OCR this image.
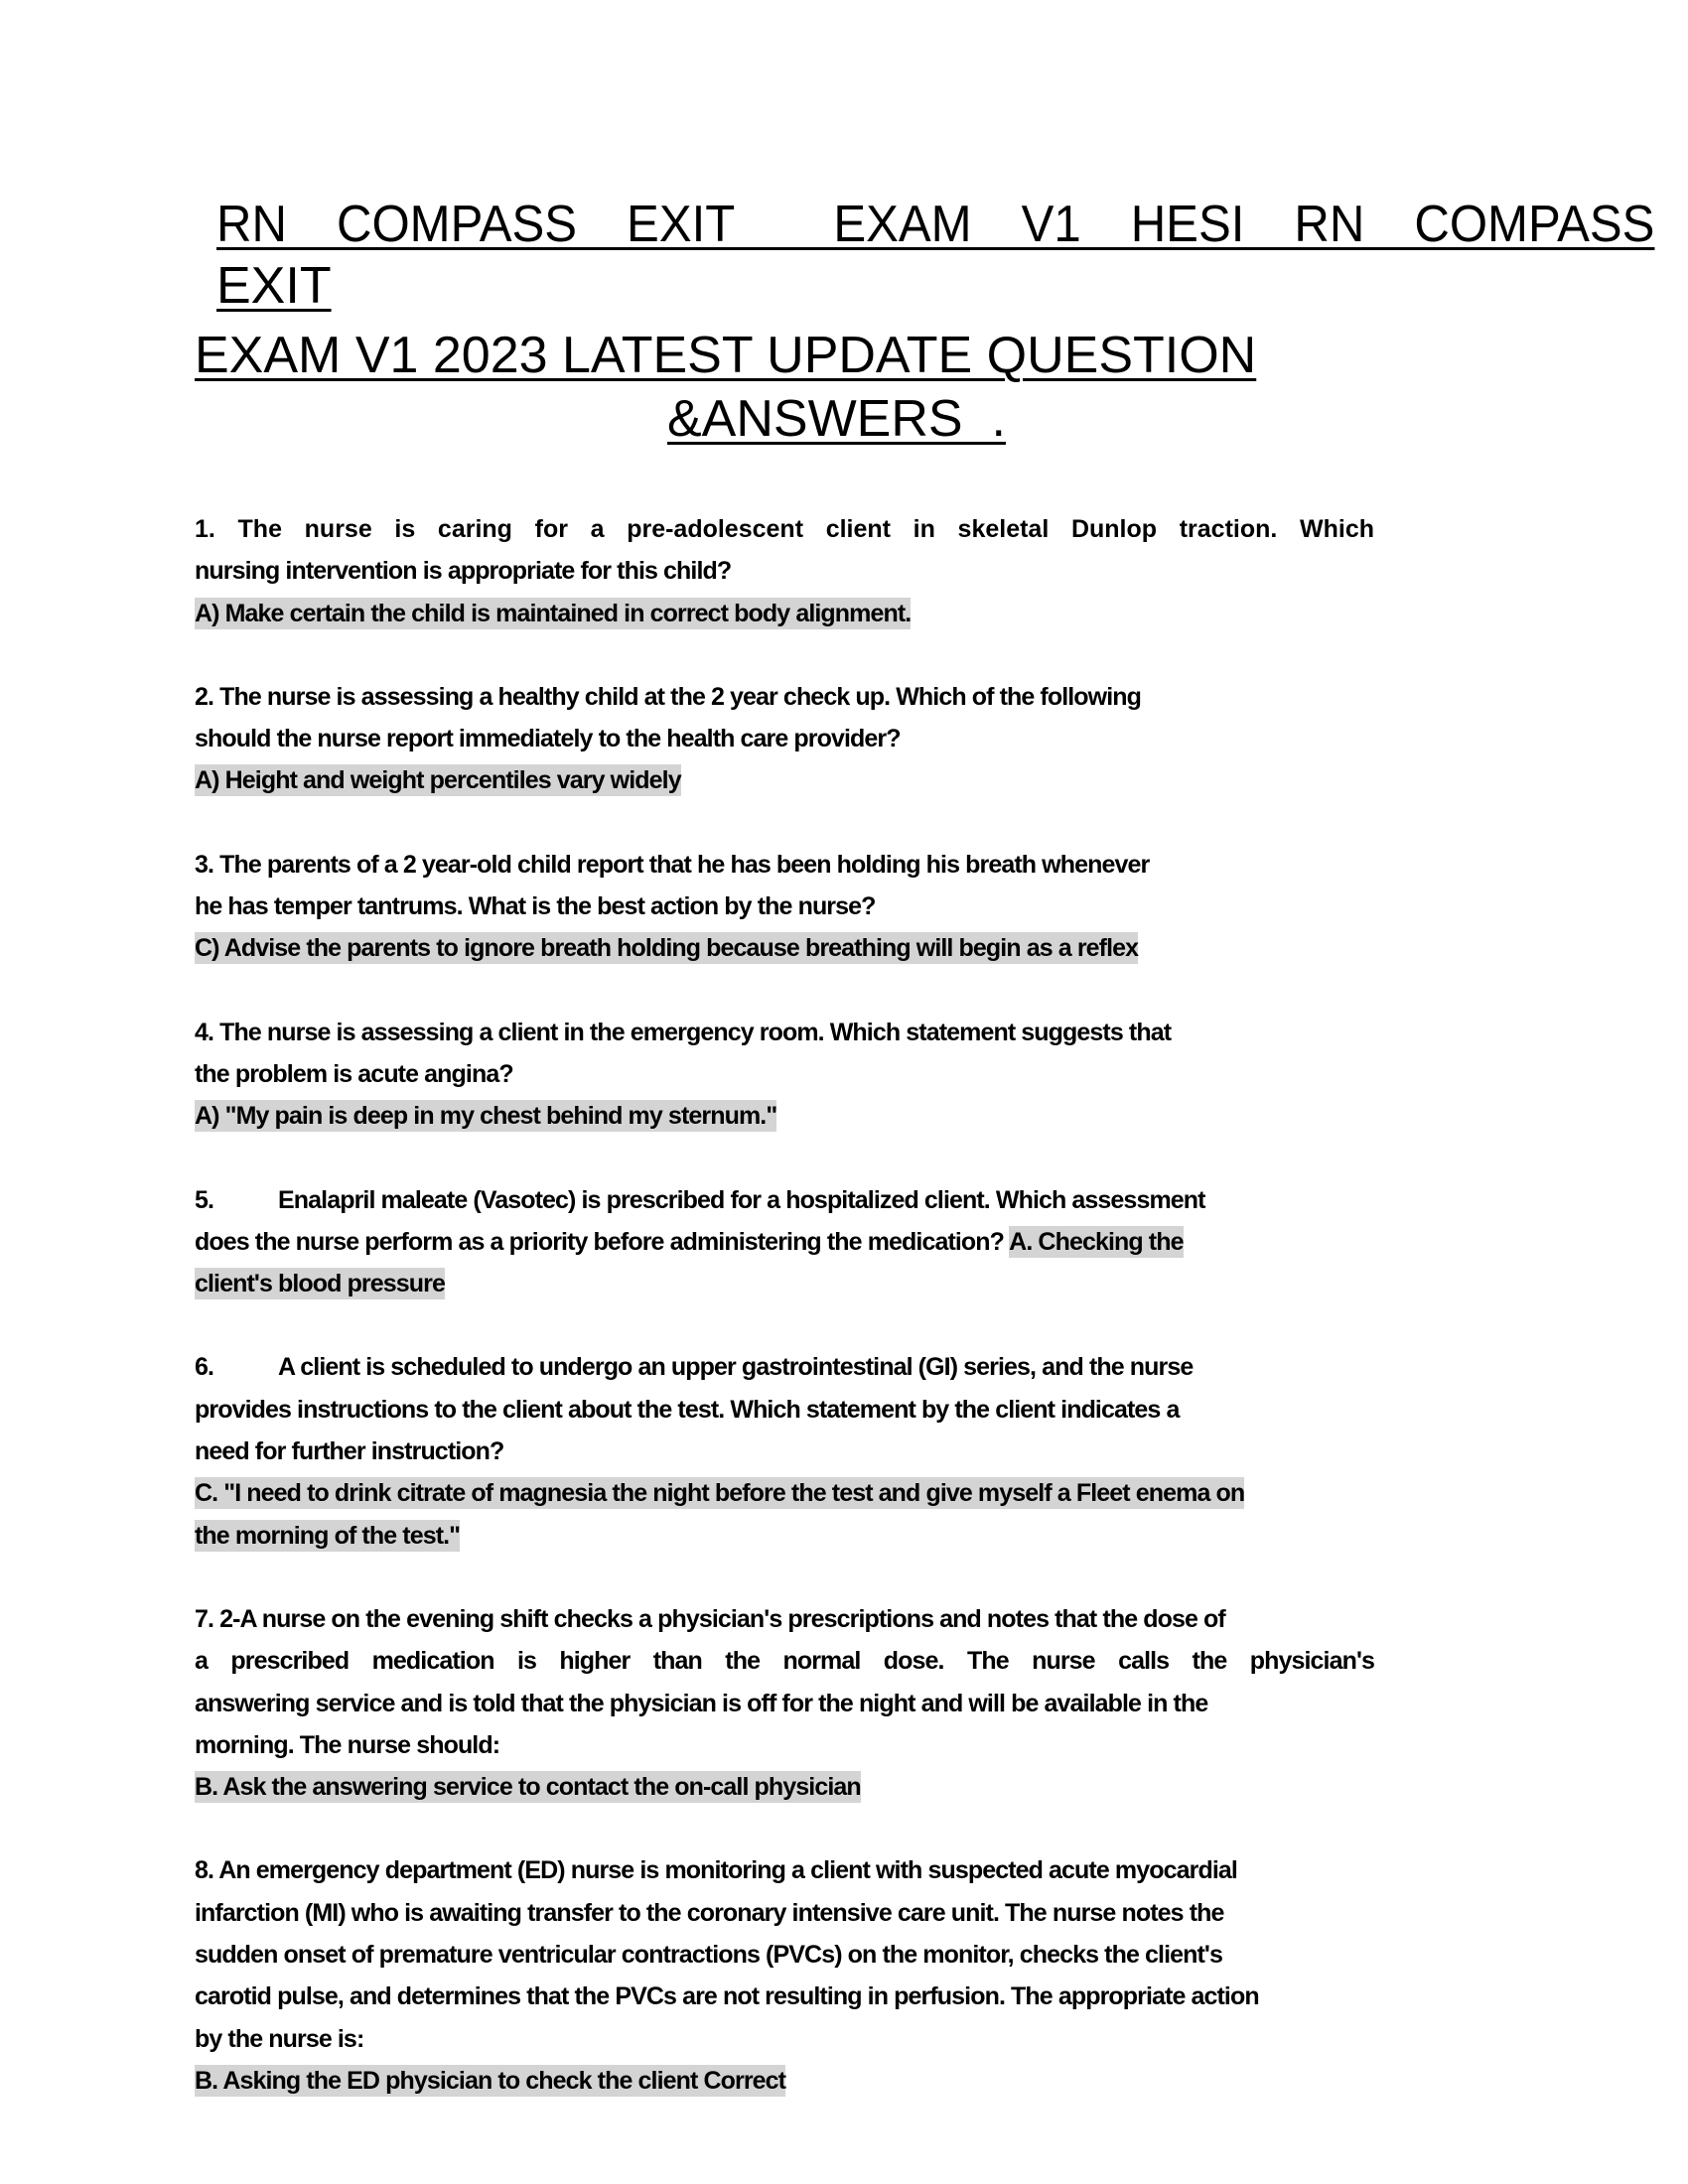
RN  COMPASS  EXIT    EXAM  V1  HESI  RN  COMPASS
EXIT
EXAM V1 2023 LATEST UPDATE QUESTION
&ANSWERS  .
1. The nurse is caring for a pre-adolescent client in skeletal Dunlop traction. Which
nursing intervention is appropriate for this child?
A) Make certain the child is maintained in correct body alignment.
2. The nurse is assessing a healthy child at the 2 year check up. Which of the following
should the nurse report immediately to the health care provider?
A) Height and weight percentiles vary widely
3. The parents of a 2 year-old child report that he has been holding his breath whenever
he has temper tantrums. What is the best action by the nurse?
C) Advise the parents to ignore breath holding because breathing will begin as a reflex
4. The nurse is assessing a client in the emergency room. Which statement suggests that
the problem is acute angina?
A) "My pain is deep in my chest behind my sternum."
5.	Enalapril maleate (Vasotec) is prescribed for a hospitalized client. Which assessment
does the nurse perform as a priority before administering the medication? A. Checking the
client's blood pressure
6.	A client is scheduled to undergo an upper gastrointestinal (GI) series, and the nurse
provides instructions to the client about the test. Which statement by the client indicates a
need for further instruction?
C. "I need to drink citrate of magnesia the night before the test and give myself a Fleet enema on
the morning of the test."
7. 2-A nurse on the evening shift checks a physician's prescriptions and notes that the dose of
a prescribed medication is higher than the normal dose. The nurse calls the physician's
answering service and is told that the physician is off for the night and will be available in the
morning. The nurse should:
B. Ask the answering service to contact the on-call physician
8. An emergency department (ED) nurse is monitoring a client with suspected acute myocardial
infarction (MI) who is awaiting transfer to the coronary intensive care unit. The nurse notes the
sudden onset of premature ventricular contractions (PVCs) on the monitor, checks the client's
carotid pulse, and determines that the PVCs are not resulting in perfusion. The appropriate action
by the nurse is:
B. Asking the ED physician to check the client Correct
